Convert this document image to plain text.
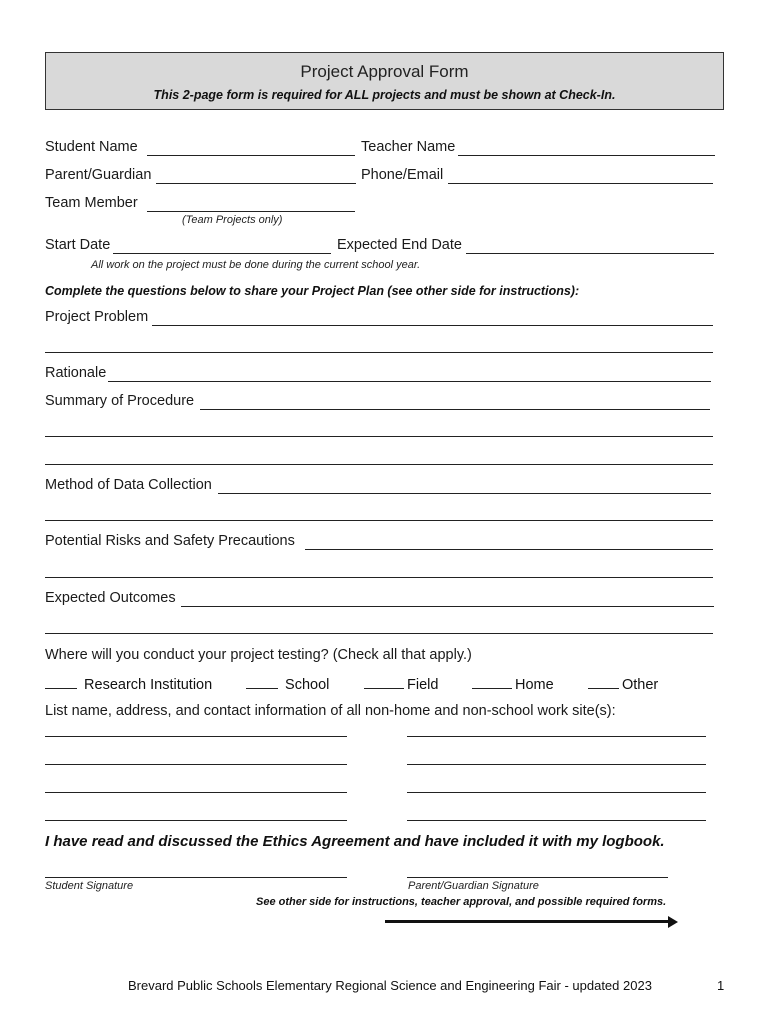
Project Approval Form
This 2-page form is required for ALL projects and must be shown at Check-In.
Student Name	Teacher Name
Parent/Guardian	Phone/Email
Team Member
(Team Projects only)
Start Date	Expected End Date
All work on the project must be done during the current school year.
Complete the questions below to share your Project Plan (see other side for instructions):
Project Problem
Rationale
Summary of Procedure
Method of Data Collection
Potential Risks and Safety Precautions
Expected Outcomes
Where will you conduct your project testing? (Check all that apply.)
Research Institution	School	Field	Home	Other
List name, address, and contact information of all non-home and non-school work site(s):
I have read and discussed the Ethics Agreement and have included it with my logbook.
Student Signature	Parent/Guardian Signature
See other side for instructions, teacher approval, and possible required forms.
Brevard Public Schools Elementary Regional Science and Engineering Fair - updated 2023	1
